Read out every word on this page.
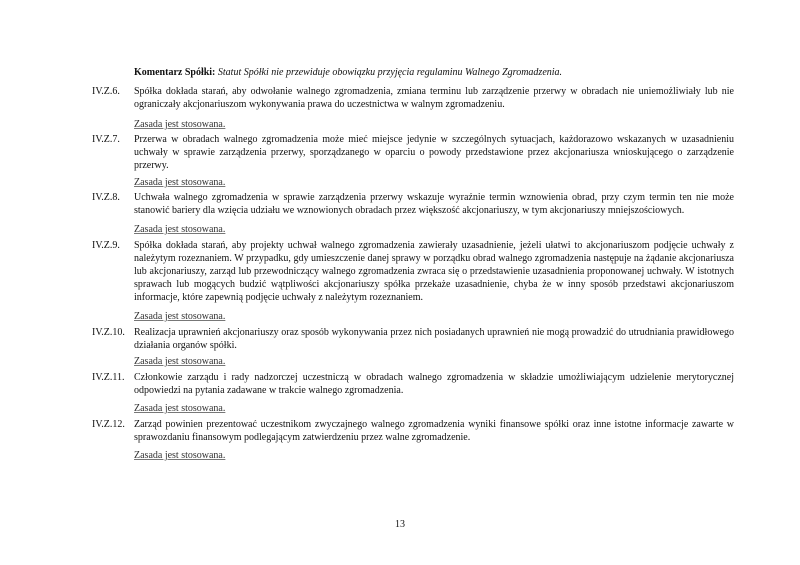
Komentarz Spółki: Statut Spółki nie przewiduje obowiązku przyjęcia regulaminu Walnego Zgromadzenia.
IV.Z.6.	Spółka dokłada starań, aby odwołanie walnego zgromadzenia, zmiana terminu lub zarządzenie przerwy w obradach nie uniemożliwiały lub nie ograniczały akcjonariuszom wykonywania prawa do uczestnictwa w walnym zgromadzeniu.
Zasada jest stosowana.
IV.Z.7.	Przerwa w obradach walnego zgromadzenia może mieć miejsce jedynie w szczególnych sytuacjach, każdorazowo wskazanych w uzasadnieniu uchwały w sprawie zarządzenia przerwy, sporządzanego w oparciu o powody przedstawione przez akcjonariusza wnioskującego o zarządzenie przerwy.
Zasada jest stosowana.
IV.Z.8.	Uchwała walnego zgromadzenia w sprawie zarządzenia przerwy wskazuje wyraźnie termin wznowienia obrad, przy czym termin ten nie może stanowić bariery dla wzięcia udziału we wznowionych obradach przez większość akcjonariuszy, w tym akcjonariuszy mniejszościowych.
Zasada jest stosowana.
IV.Z.9.	Spółka dokłada starań, aby projekty uchwał walnego zgromadzenia zawierały uzasadnienie, jeżeli ułatwi to akcjonariuszom podjęcie uchwały z należytym rozeznaniem. W przypadku, gdy umieszczenie danej sprawy w porządku obrad walnego zgromadzenia następuje na żądanie akcjonariusza lub akcjonariuszy, zarząd lub przewodniczący walnego zgromadzenia zwraca się o przedstawienie uzasadnienia proponowanej uchwały. W istotnych sprawach lub mogących budzić wątpliwości akcjonariuszy spółka przekaże uzasadnienie, chyba że w inny sposób przedstawi akcjonariuszom informacje, które zapewnią podjęcie uchwały z należytym rozeznaniem.
Zasada jest stosowana.
IV.Z.10. Realizacja uprawnień akcjonariuszy oraz sposób wykonywania przez nich posiadanych uprawnień nie mogą prowadzić do utrudniania prawidłowego działania organów spółki.
Zasada jest stosowana.
IV.Z.11. Członkowie zarządu i rady nadzorczej uczestniczą w obradach walnego zgromadzenia w składzie umożliwiającym udzielenie merytorycznej odpowiedzi na pytania zadawane w trakcie walnego zgromadzenia.
Zasada jest stosowana.
IV.Z.12. Zarząd powinien prezentować uczestnikom zwyczajnego walnego zgromadzenia wyniki finansowe spółki oraz inne istotne informacje zawarte w sprawozdaniu finansowym podlegającym zatwierdzeniu przez walne zgromadzenie.
Zasada jest stosowana.
13
